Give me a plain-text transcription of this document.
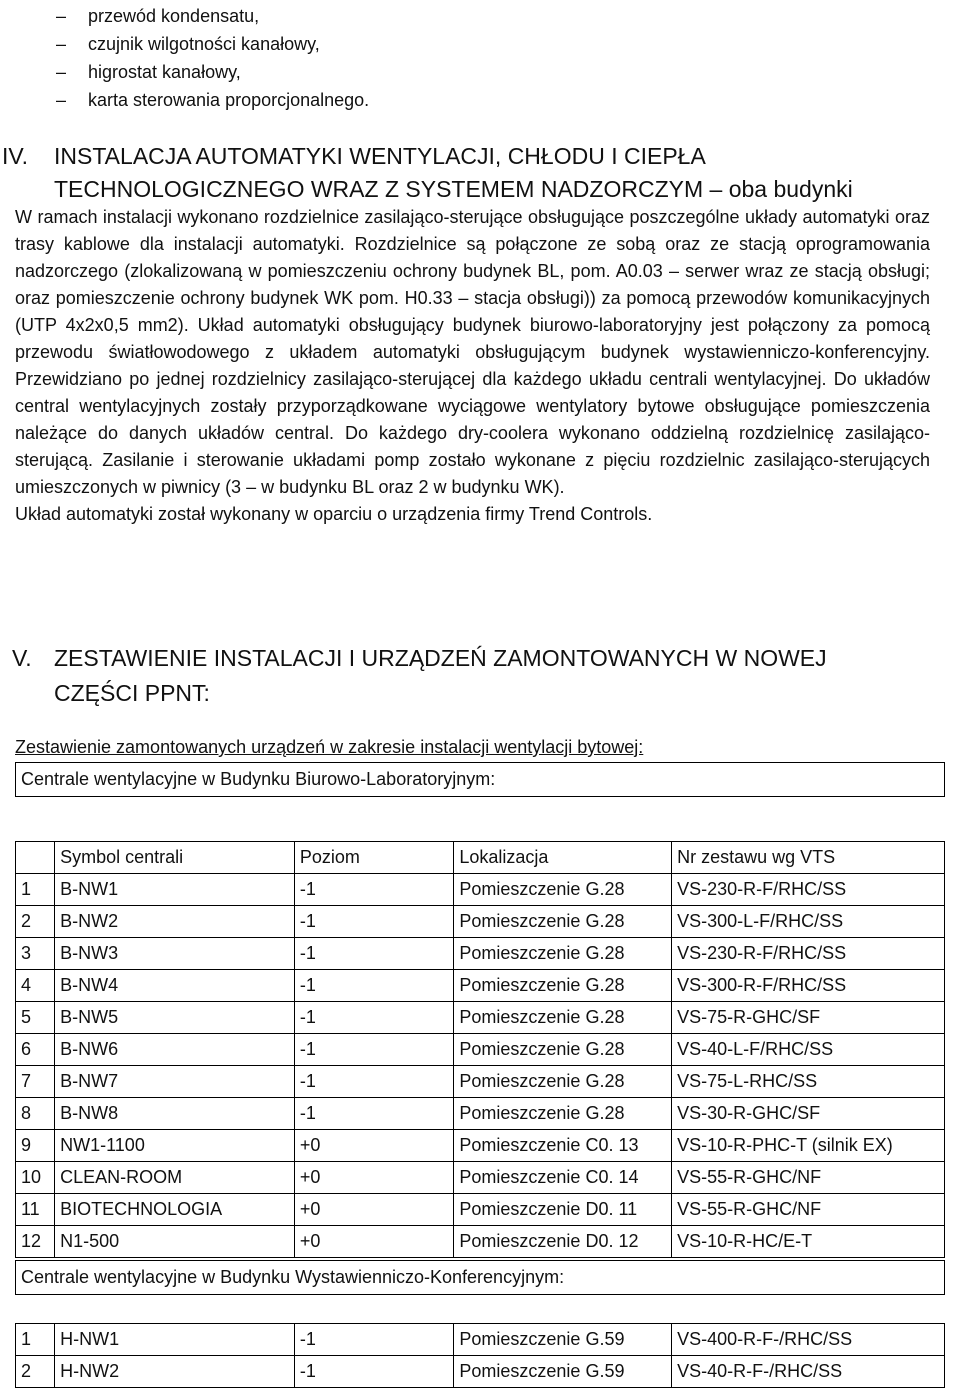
–	przewód kondensatu,
–	czujnik wilgotności kanałowy,
–	higrostat kanałowy,
–	karta sterowania proporcjonalnego.
IV.	INSTALACJA AUTOMATYKI WENTYLACJI, CHŁODU I CIEPŁA
TECHNOLOGICZNEGO WRAZ Z SYSTEMEM NADZORCZYM – oba budynki

W ramach instalacji wykonano rozdzielnice zasilająco-sterujące obsługujące poszczególne układy automatyki oraz trasy kablowe dla instalacji automatyki. Rozdzielnice są połączone ze sobą oraz ze stacją oprogramowania nadzorczego (zlokalizowaną w pomieszczeniu ochrony budynek BL, pom. A0.03 – serwer wraz ze stacją obsługi; oraz pomieszczenie ochrony budynek WK pom. H0.33 – stacja obsługi)) za pomocą przewodów komunikacyjnych (UTP 4x2x0,5 mm2). Układ automatyki obsługujący budynek biurowo-laboratoryjny jest połączony za pomocą przewodu światłowodowego z układem automatyki obsługującym budynek wystawienniczo-konferencyjny. Przewidziano po jednej rozdzielnicy zasilająco-sterującej dla każdego układu centrali wentylacyjnej. Do układów central wentylacyjnych zostały przyporządkowane wyciągowe wentylatory bytowe obsługujące pomieszczenia należące do danych układów central. Do każdego dry-coolera wykonano oddzielną rozdzielnicę zasilająco-sterującą. Zasilanie i sterowanie układami pomp zostało wykonane z pięciu rozdzielnic zasilająco-sterujących umieszczonych w piwnicy (3 – w budynku BL oraz 2 w budynku WK).

Układ automatyki został wykonany w oparciu o urządzenia firmy Trend Controls.

V. ZESTAWIENIE INSTALACJI I URZĄDZEŃ ZAMONTOWANYCH W NOWEJ
CZĘŚCI PPNT:
Zestawienie zamontowanych urządzeń w zakresie instalacji wentylacji bytowej:
Centrale wentylacyjne w Budynku Biurowo-Laboratoryjnym:				

	Symbol centrali	Poziom	Lokalizacja	Nr zestawu wg VTS
1	B-NW1	-1	Pomieszczenie G.28	VS-230-R-F/RHC/SS
2	B-NW2	-1	Pomieszczenie G.28	VS-300-L-F/RHC/SS
3	B-NW3	-1	Pomieszczenie G.28	VS-230-R-F/RHC/SS
4	B-NW4	-1	Pomieszczenie G.28	VS-300-R-F/RHC/SS
5	B-NW5	-1	Pomieszczenie G.28	VS-75-R-GHC/SF
6	B-NW6	-1	Pomieszczenie G.28	VS-40-L-F/RHC/SS
7	B-NW7	-1	Pomieszczenie G.28	VS-75-L-RHC/SS
8	B-NW8	-1	Pomieszczenie G.28	VS-30-R-GHC/SF
9	NW1-1100	+0	Pomieszczenie C0. 13	VS-10-R-PHC-T (silnik EX)
10	CLEAN-ROOM	+0	Pomieszczenie C0. 14	VS-55-R-GHC/NF
11	BIOTECHNOLOGIA	+0	Pomieszczenie D0. 11	VS-55-R-GHC/NF
12	N1-500	+0	Pomieszczenie D0. 12	VS-10-R-HC/E-T
Centrale wentylacyjne w Budynku Wystawienniczo-Konferencyjnym:				

1	H-NW1	-1	Pomieszczenie G.59	VS-400-R-F-/RHC/SS
2	H-NW2	-1	Pomieszczenie G.59	VS-40-R-F-/RHC/SS
